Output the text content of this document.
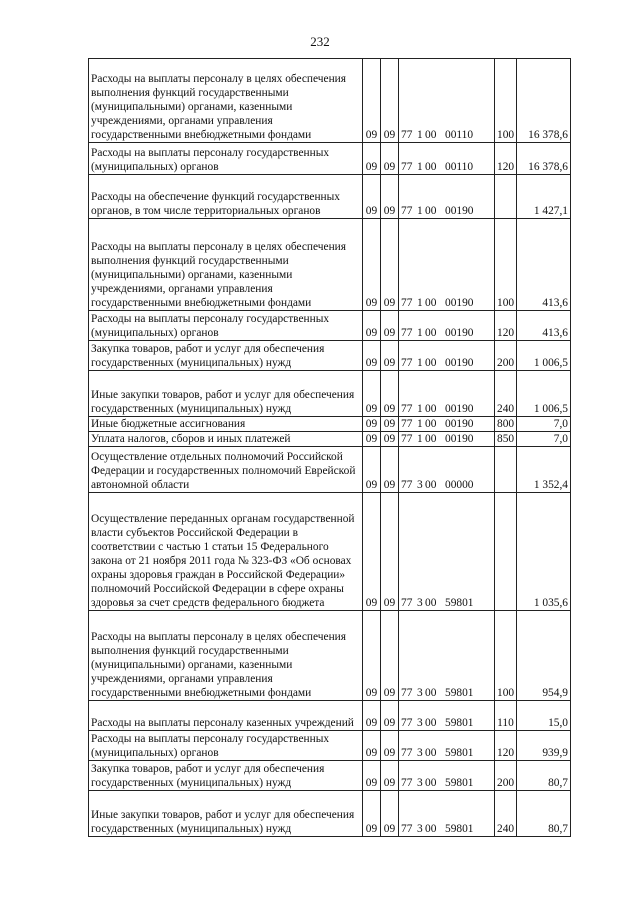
232
Расходы на выплаты персоналу в целях обеспечения выполнения функций государственными (муниципальными) органами, казенными учреждениями, органами управления государственными внебюджетными фондами	09	09	77 1 00 00110	100	16 378,6
Расходы на выплаты персоналу государственных (муниципальных) органов	09	09	77 1 00 00110	120	16 378,6
Расходы на обеспечение функций государственных органов, в том числе территориальных органов	09	09	77 1 00 00190		1 427,1
Расходы на выплаты персоналу в целях обеспечения выполнения функций государственными (муниципальными) органами, казенными учреждениями, органами управления государственными внебюджетными фондами	09	09	77 1 00 00190	100	413,6
Расходы на выплаты персоналу государственных (муниципальных) органов	09	09	77 1 00 00190	120	413,6
Закупка товаров, работ и услуг для обеспечения государственных (муниципальных) нужд	09	09	77 1 00 00190	200	1 006,5
Иные закупки товаров, работ и услуг для обеспечения государственных (муниципальных) нужд	09	09	77 1 00 00190	240	1 006,5
Иные бюджетные ассигнования	09	09	77 1 00 00190	800	7,0
Уплата налогов, сборов и иных платежей	09	09	77 1 00 00190	850	7,0
Осуществление отдельных полномочий Российской Федерации и государственных полномочий Еврейской автономной области	09	09	77 3 00 00000		1 352,4
Осуществление переданных органам государственной власти субъектов Российской Федерации в соответствии с частью 1 статьи 15 Федерального закона от 21 ноября 2011 года № 323-ФЗ «Об основах охраны здоровья граждан в Российской Федерации» полномочий Российской Федерации в сфере охраны здоровья за счет средств федерального бюджета	09	09	77 3 00 59801		1 035,6
Расходы на выплаты персоналу в целях обеспечения выполнения функций государственными (муниципальными) органами, казенными учреждениями, органами управления государственными внебюджетными фондами	09	09	77 3 00 59801	100	954,9
Расходы на выплаты персоналу казенных учреждений	09	09	77 3 00 59801	110	15,0
Расходы на выплаты персоналу государственных (муниципальных) органов	09	09	77 3 00 59801	120	939,9
Закупка товаров, работ и услуг для обеспечения государственных (муниципальных) нужд	09	09	77 3 00 59801	200	80,7
Иные закупки товаров, работ и услуг для обеспечения государственных (муниципальных) нужд	09	09	77 3 00 59801	240	80,7
